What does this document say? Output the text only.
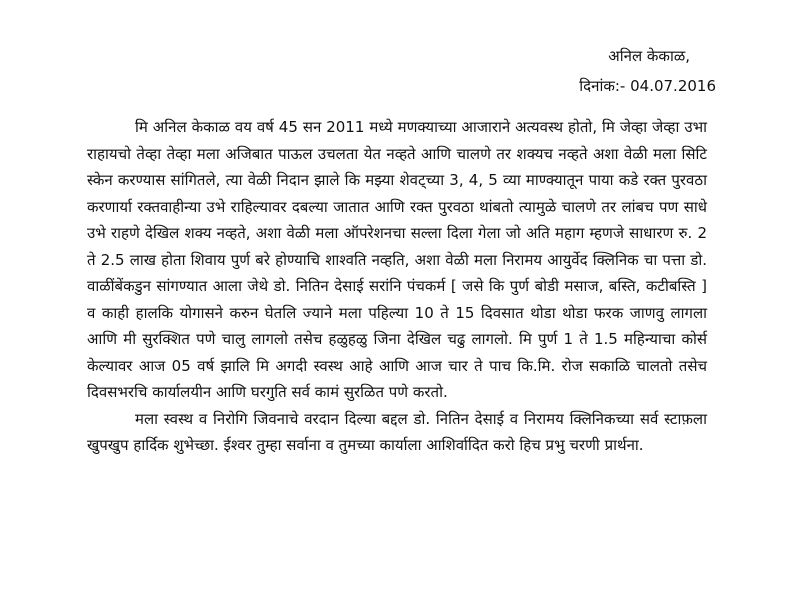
अनिल केकाळ,
दिनांक:- 04.07.2016

मि अनिल केकाळ वय वर्ष 45 सन 2011 मध्ये मणक्याच्या आजाराने अत्यवस्थ होतो, मि जेव्हा जेव्हा उभा राहायचो तेव्हा तेव्हा मला अजिबात पाऊल उचलता येत नव्हते आणि चालणे तर शक्यच नव्हते अशा वेळी मला सिटि स्केन करण्यास सांगितले, त्या वेळी निदान झाले कि मझ्या शेवट्च्या 3, 4, 5 व्या माण्क्यातून पाया कडे रक्त पुरवठा करणार्या रक्तवाहीन्या उभे राहिल्यावर दबल्या जातात आणि रक्त पुरवठा थांबतो त्यामुळे चालणे तर लांबच पण साधे उभे राहणे देखिल शक्य नव्हते, अशा वेळी मला ऑपरेशनचा सल्ला दिला गेला जो अति महाग म्हणजे साधारण रु. 2 ते 2.5 लाख होता शिवाय पुर्ण बरे होण्याचि शाश्वति नव्हति, अशा वेळी मला निरामय आयुर्वेद क्लिनिक चा पत्ता डो. वाळींबेंकडुन सांगण्यात आला जेथे डो. नितिन देसाई सरांनि पंचकर्म [ जसे कि पुर्ण बोडी मसाज, बस्ति, कटीबस्ति ] व काही हालकि योगासने करुन घेतलि ज्याने मला पहिल्या 10 ते 15 दिवसात थोडा थोडा फरक जाणवु लागला आणि मी सुरक्शित पणे चालु लागलो तसेच हळुहळु जिना देखिल चढु लागलो. मि पुर्ण 1 ते 1.5 महिन्याचा कोर्स केल्यावर आज 05 वर्ष झालि मि अगदी स्वस्थ आहे आणि आज चार ते पाच कि.मि. रोज सकाळि चालतो तसेच दिवसभरचि कार्यालयीन आणि घरगुति सर्व कामं सुरळित पणे करतो.

मला स्वस्थ व निरोगि जिवनाचे वरदान दिल्या बद्दल डो. नितिन देसाई व निरामय क्लिनिकच्या सर्व स्टाफ़ला खुपखुप हार्दिक शुभेच्छा. ईश्वर तुम्हा सर्वाना व तुमच्या कार्याला आशिर्वादित करो हिच प्रभु चरणी प्रार्थना.
